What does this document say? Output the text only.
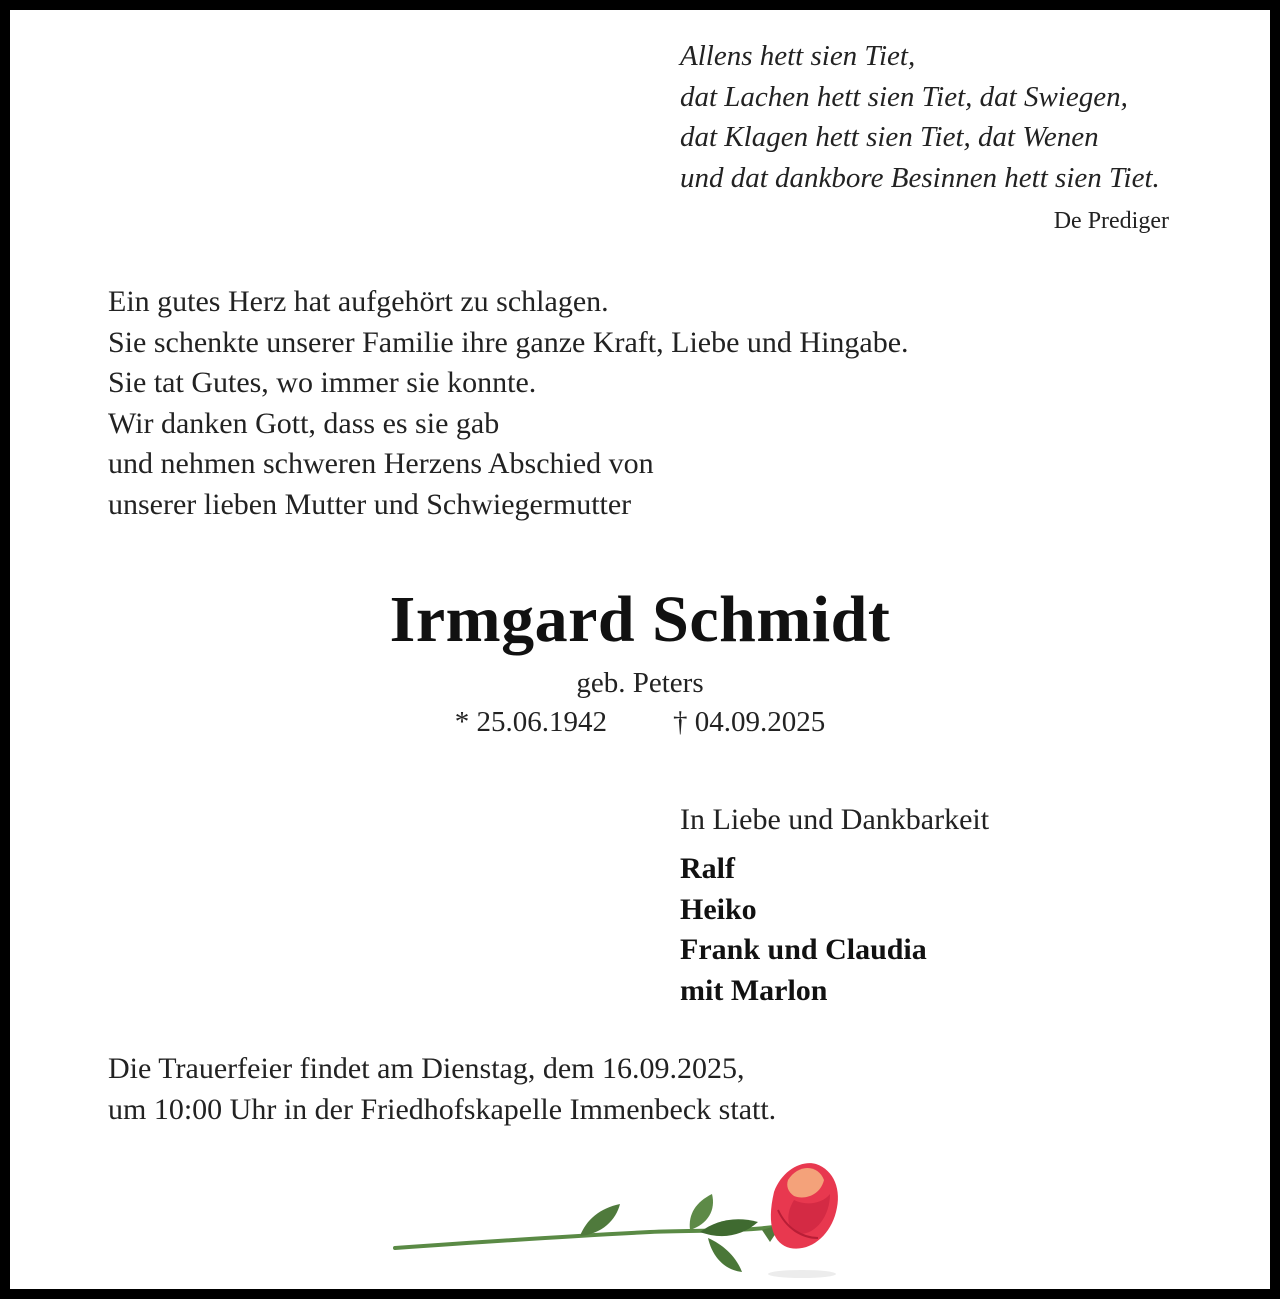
Allens hett sien Tiet,
dat Lachen hett sien Tiet, dat Swiegen,
dat Klagen hett sien Tiet, dat Wenen
und dat dankbore Besinnen hett sien Tiet.
De Prediger
Ein gutes Herz hat aufgehört zu schlagen.
Sie schenkte unserer Familie ihre ganze Kraft, Liebe und Hingabe.
Sie tat Gutes, wo immer sie konnte.
Wir danken Gott, dass es sie gab
und nehmen schweren Herzens Abschied von
unserer lieben Mutter und Schwiegermutter
Irmgard Schmidt
geb. Peters
* 25.06.1942 † 04.09.2025
In Liebe und Dankbarkeit
Ralf
Heiko
Frank und Claudia
mit Marlon
Die Trauerfeier findet am Dienstag, dem 16.09.2025,
um 10:00 Uhr in der Friedhofskapelle Immenbeck statt.
